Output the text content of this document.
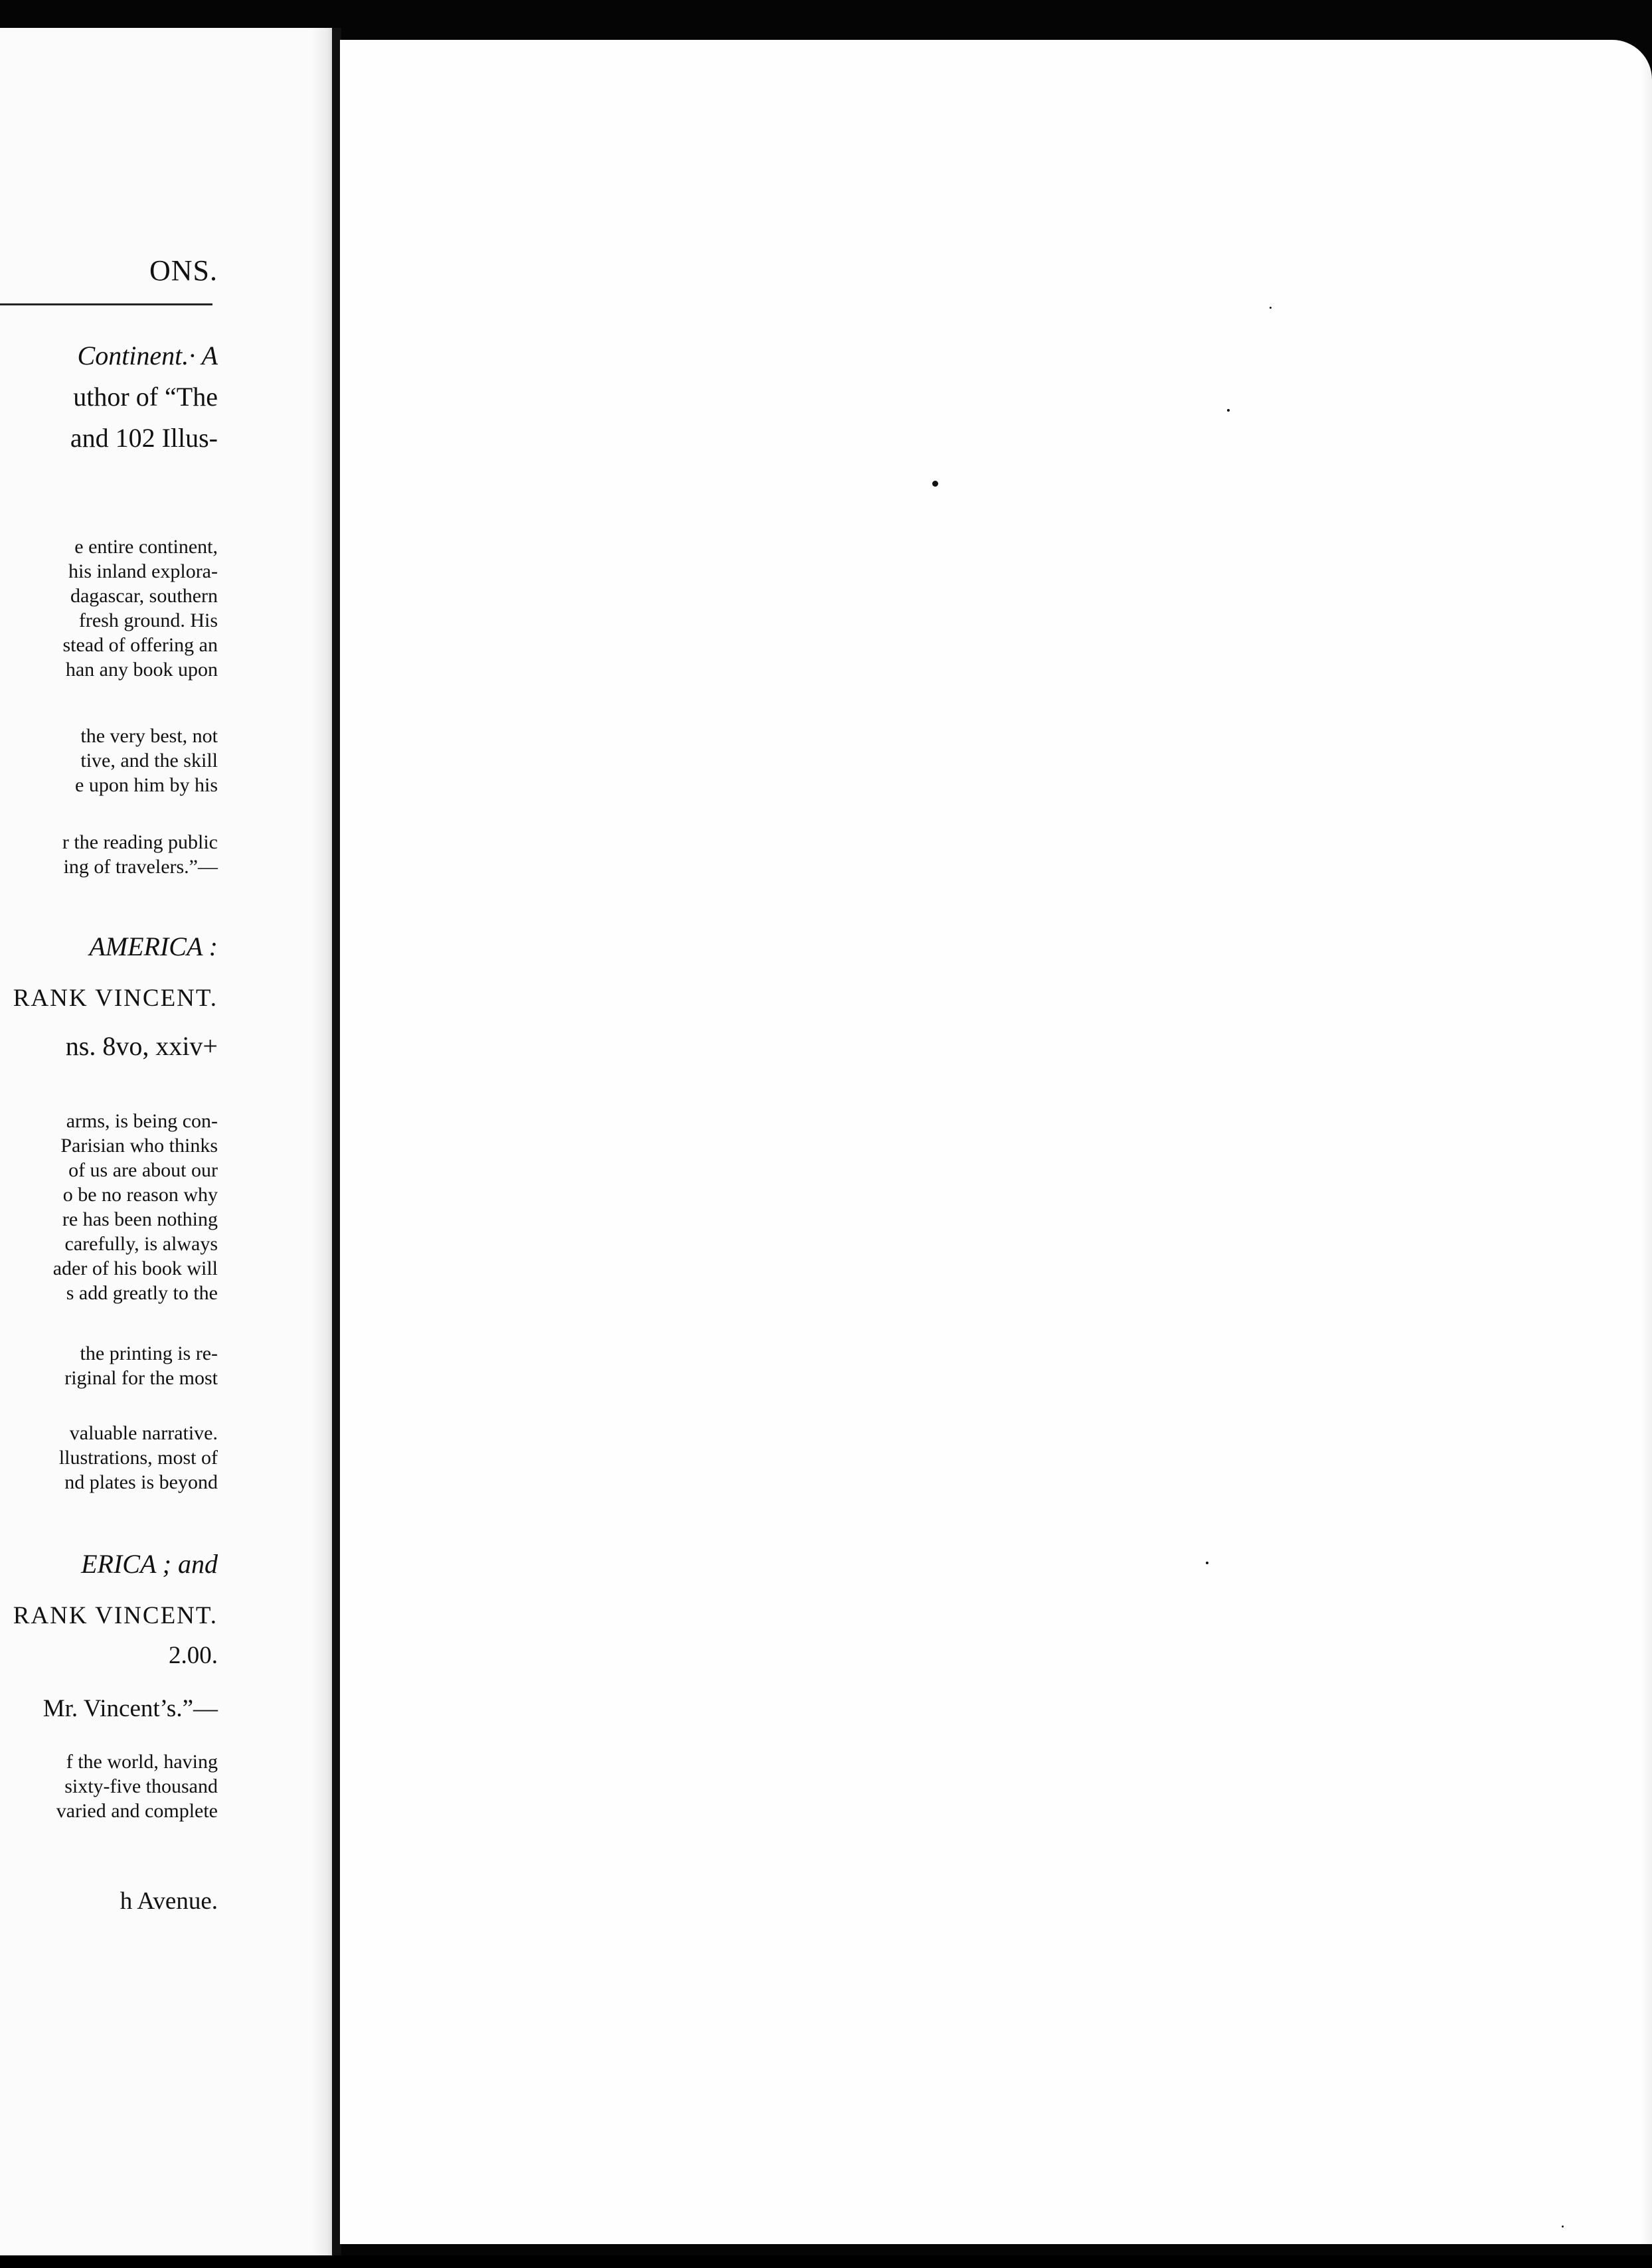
ONS.
Continent.· A
uthor of “The
and 102 Illus-
e entire continent,
his inland explora-
dagascar, southern
fresh ground. His
stead of offering an
han any book upon
the very best, not
tive, and the skill
e upon him by his
r the reading public
ing of travelers.”—
AMERICA :
RANK VINCENT.
ns. 8vo, xxiv+
arms, is being con-
Parisian who thinks
of us are about our
o be no reason why
re has been nothing
carefully, is always
ader of his book will
s add greatly to the
the printing is re-
riginal for the most
valuable narrative.
llustrations, most of
nd plates is beyond
ERICA ; and
RANK VINCENT.
2.00.
Mr. Vincent’s.”—
f the world, having
sixty-five thousand
varied and complete
h Avenue.
